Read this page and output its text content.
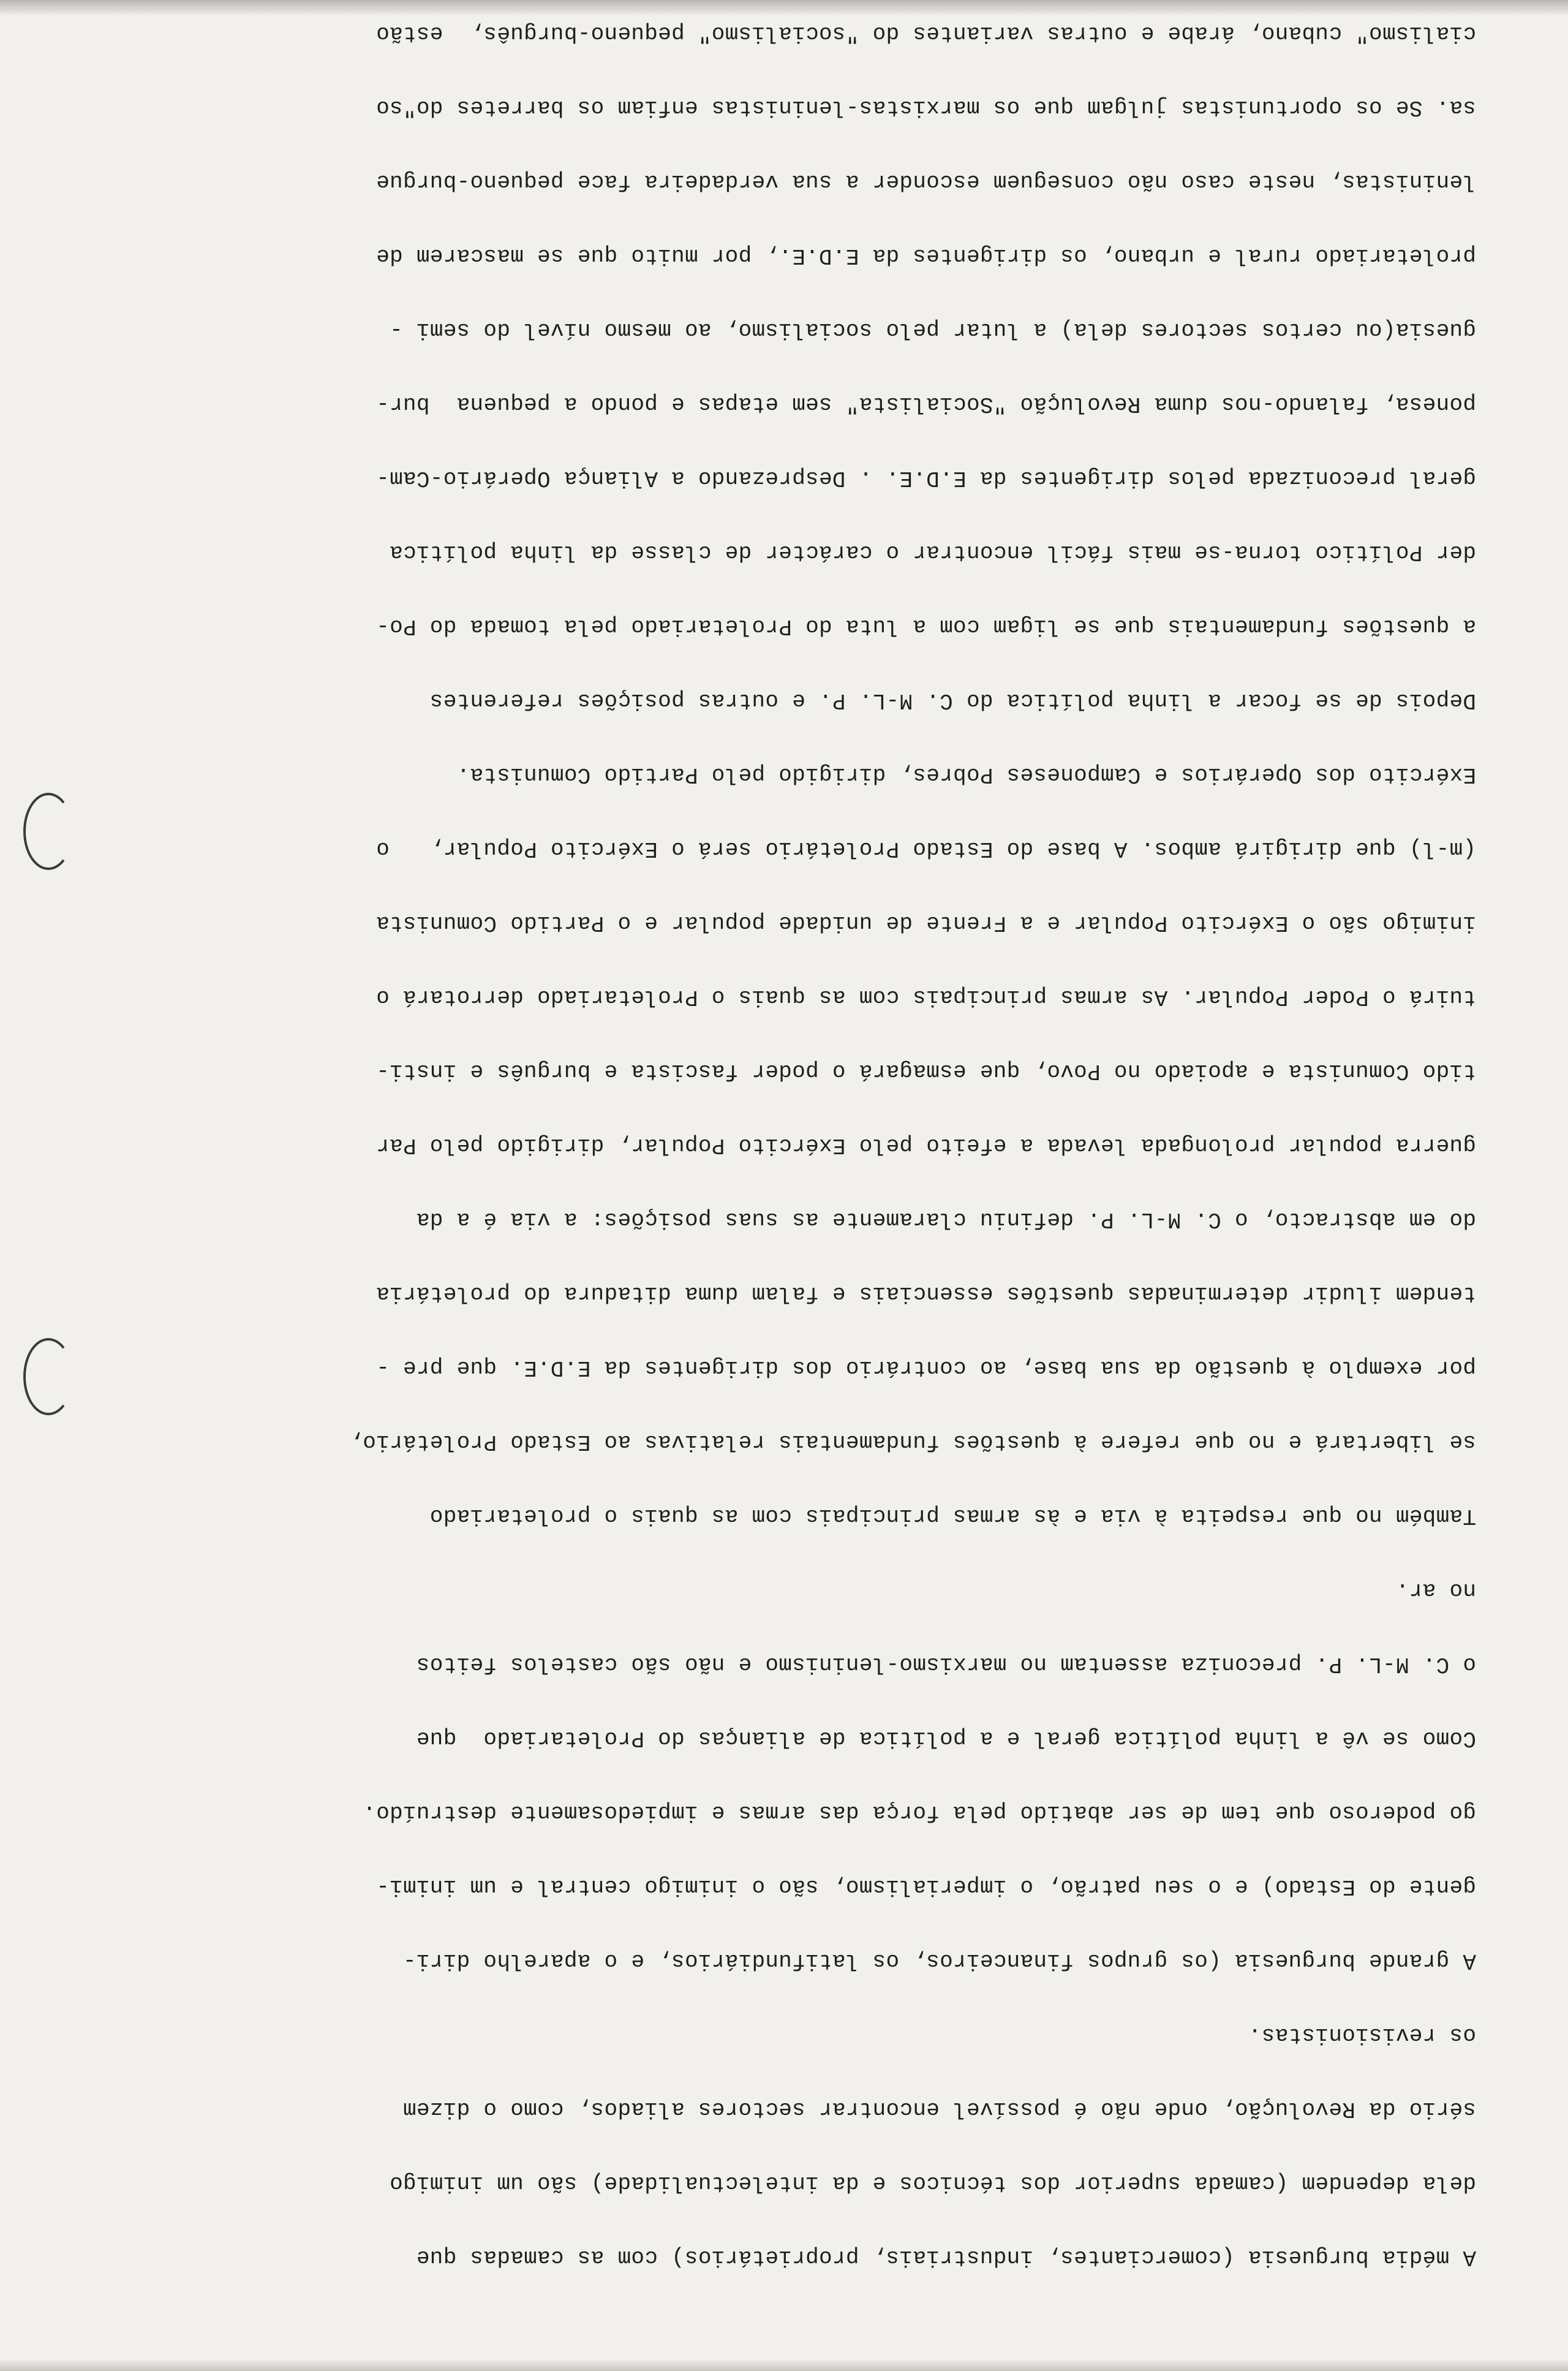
A média burguesia (comerciantes, industriais, proprietários) com as camadas que

dela dependem (camada superior dos técnicos e da intelectualidade) são um inimigo

sério da Revolução, onde não é possível encontrar sectores aliados, como o dizem

os revisionistas.

A grande burguesia (os grupos financeiros, os latifundiários, e o aparelho diri-

gente do Estado) e o seu patrão, o imperialismo, são o inimigo central e um inimi-

go poderoso que tem de ser abatido pela força das armas e impiedosamente destruído.

Como se vê a linha política geral e a política de alianças do Proletariado  que

o C. M-L. P. preconiza assentam no marxismo-leninismo e não são castelos feitos

no ar.

Também no que respeita à via e às armas principais com as quais o proletariado

se libertará e no que refere à questões fundamentais relativas ao Estado Proletário,

por exemplo à questão da sua base, ao contrário dos dirigentes da E.D.E. que pre -

tendem iludir determinadas questões essenciais e falam duma ditadura do proletária

do em abstracto, o C. M-L. P. definiu claramente as suas posições: a via é a da

guerra popular prolongada levada a efeito pelo Exército Popular, dirigido pelo Par

tido Comunista e apoiado no Povo, que esmagará o poder fascista e burguês e insti-

tuirá o Poder Popular. As armas principais com as quais o Proletariado derrotará o

inimigo são o Exército Popular e a Frente de unidade popular e o Partido Comunista

(m-l) que dirigirá ambos. A base do Estado Proletário será o Exército Popular,   o

Exército dos Operários e Camponeses Pobres, dirigido pelo Partido Comunista.

Depois de se focar a linha política do C. M-L. P. e outras posições referentes

a questões fundamentais que se ligam com a luta do Proletariado pela tomada do Po-

der Político torna-se mais fácil encontrar o carácter de classe da linha política

geral preconizada pelos dirigentes da E.D.E. . Desprezando a Aliança Operário-Cam-

ponesa, falando-nos duma Revolução "Socialista" sem etapas e pondo a pequena  bur-

guesia(ou certos sectores dela) a lutar pelo socialismo, ao mesmo nível do semi -

proletariado rural e urbano, os dirigentes da E.D.E., por muito que se mascarem de

leninistas, neste caso não conseguem esconder a sua verdadeira face pequeno-burgue

sa. Se os oportunistas julgam que os marxistas-leninistas enfiam os barretes do"so

cialismo" cubano, árabe e outras variantes do "socialismo" pequeno-burguês,  estão
